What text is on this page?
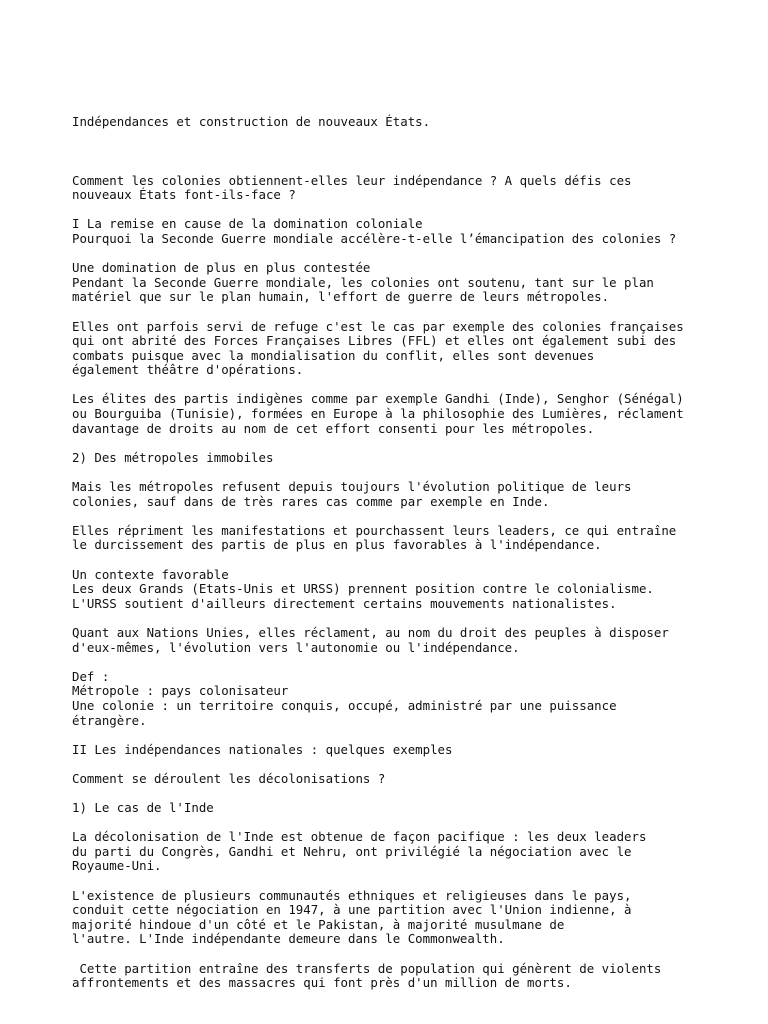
Indépendances et construction de nouveaux États.

Comment les colonies obtiennent-elles leur indépendance ? A quels défis ces
nouveaux États font-ils-face ?

I La remise en cause de la domination coloniale
Pourquoi la Seconde Guerre mondiale accélère-t-elle l’émancipation des colonies ?

Une domination de plus en plus contestée
Pendant la Seconde Guerre mondiale, les colonies ont soutenu, tant sur le plan
matériel que sur le plan humain, l'effort de guerre de leurs métropoles.

Elles ont parfois servi de refuge c'est le cas par exemple des colonies françaises
qui ont abrité des Forces Françaises Libres (FFL) et elles ont également subi des
combats puisque avec la mondialisation du conflit, elles sont devenues
également théâtre d'opérations.

Les élites des partis indigènes comme par exemple Gandhi (Inde), Senghor (Sénégal)
ou Bourguiba (Tunisie), formées en Europe à la philosophie des Lumières, réclament
davantage de droits au nom de cet effort consenti pour les métropoles.

2) Des métropoles immobiles

Mais les métropoles refusent depuis toujours l'évolution politique de leurs
colonies, sauf dans de très rares cas comme par exemple en Inde.

Elles répriment les manifestations et pourchassent leurs leaders, ce qui entraîne
le durcissement des partis de plus en plus favorables à l'indépendance.

Un contexte favorable
Les deux Grands (Etats-Unis et URSS) prennent position contre le colonialisme.
L'URSS soutient d'ailleurs directement certains mouvements nationalistes.

Quant aux Nations Unies, elles réclament, au nom du droit des peuples à disposer
d'eux-mêmes, l'évolution vers l'autonomie ou l'indépendance.

Def :
Métropole : pays colonisateur
Une colonie : un territoire conquis, occupé, administré par une puissance
étrangère.

II Les indépendances nationales : quelques exemples

Comment se déroulent les décolonisations ?

1) Le cas de l'Inde

La décolonisation de l'Inde est obtenue de façon pacifique : les deux leaders
du parti du Congrès, Gandhi et Nehru, ont privilégié la négociation avec le
Royaume-Uni.

L'existence de plusieurs communautés ethniques et religieuses dans le pays,
conduit cette négociation en 1947, à une partition avec l'Union indienne, à
majorité hindoue d'un côté et le Pakistan, à majorité musulmane de
l'autre. L'Inde indépendante demeure dans le Commonwealth.

Cette partition entraîne des transferts de population qui génèrent de violents
affrontements et des massacres qui font près d'un million de morts.
